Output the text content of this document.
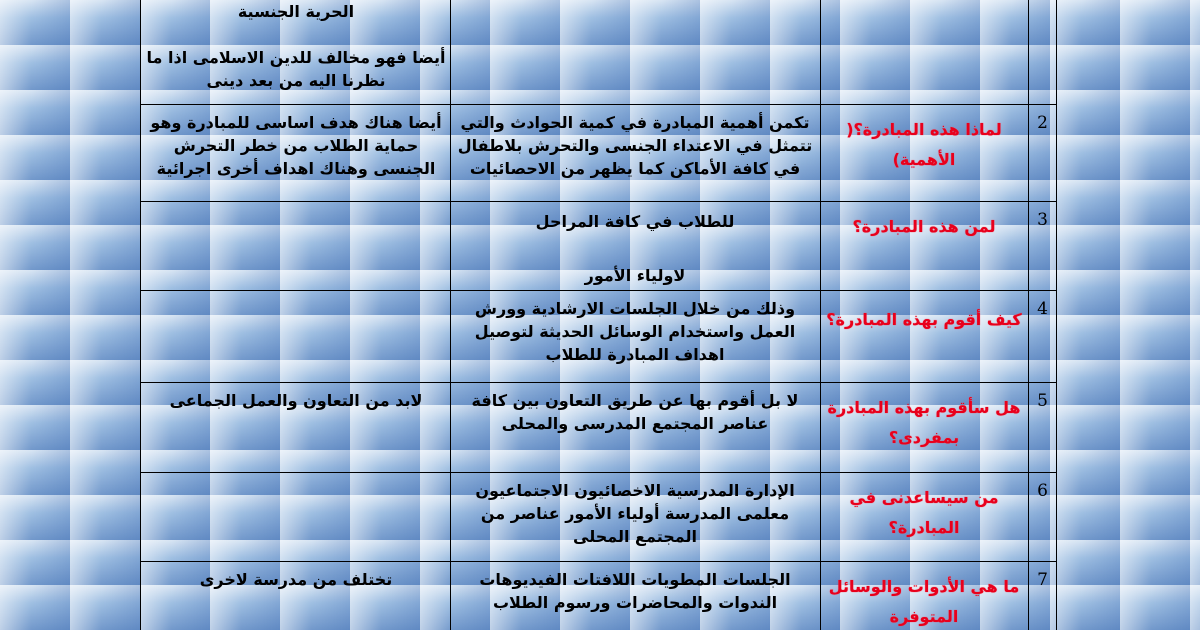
الحرية الجنسية

أيضا فهو مخالف للدين الاسلامى اذا ما نظرنا اليه من بعد دينى
2
لماذا هذه المبادرة؟( الأهمية)
تكمن أهمية المبادرة في كمية الحوادث والتي تتمثل في الاعتداء الجنسى والتحرش بلاطفال في كافة الأماكن كما يظهر من الاحصائيات
أيضا هناك هدف اساسى للمبادرة وهو حماية الطلاب من خطر التحرش الجنسى وهناك اهداف أخرى اجرائية
3
لمن هذه المبادرة؟
للطلاب في كافة المراحل

لاولياء الأمور
4
كيف أقوم بهذه المبادرة؟
وذلك من خلال الجلسات الارشادية وورش العمل واستخدام الوسائل الحديثة لتوصيل اهداف المبادرة للطلاب
5
هل سأقوم بهذه المبادرة بمفردى؟
لا بل أقوم بها عن طريق التعاون بين كافة عناصر المجتمع المدرسى والمحلى
لابد من التعاون والعمل الجماعى
6
من سيساعدنى في المبادرة؟
الإدارة المدرسية الاخصائيون الاجتماعيون معلمى المدرسة أولياء الأمور عناصر من المجتمع المحلى
7
ما هي الأدوات والوسائل المتوفرة
الجلسات المطويات اللافتات الفيديوهات الندوات والمحاضرات ورسوم الطلاب
تختلف من مدرسة لاخرى
